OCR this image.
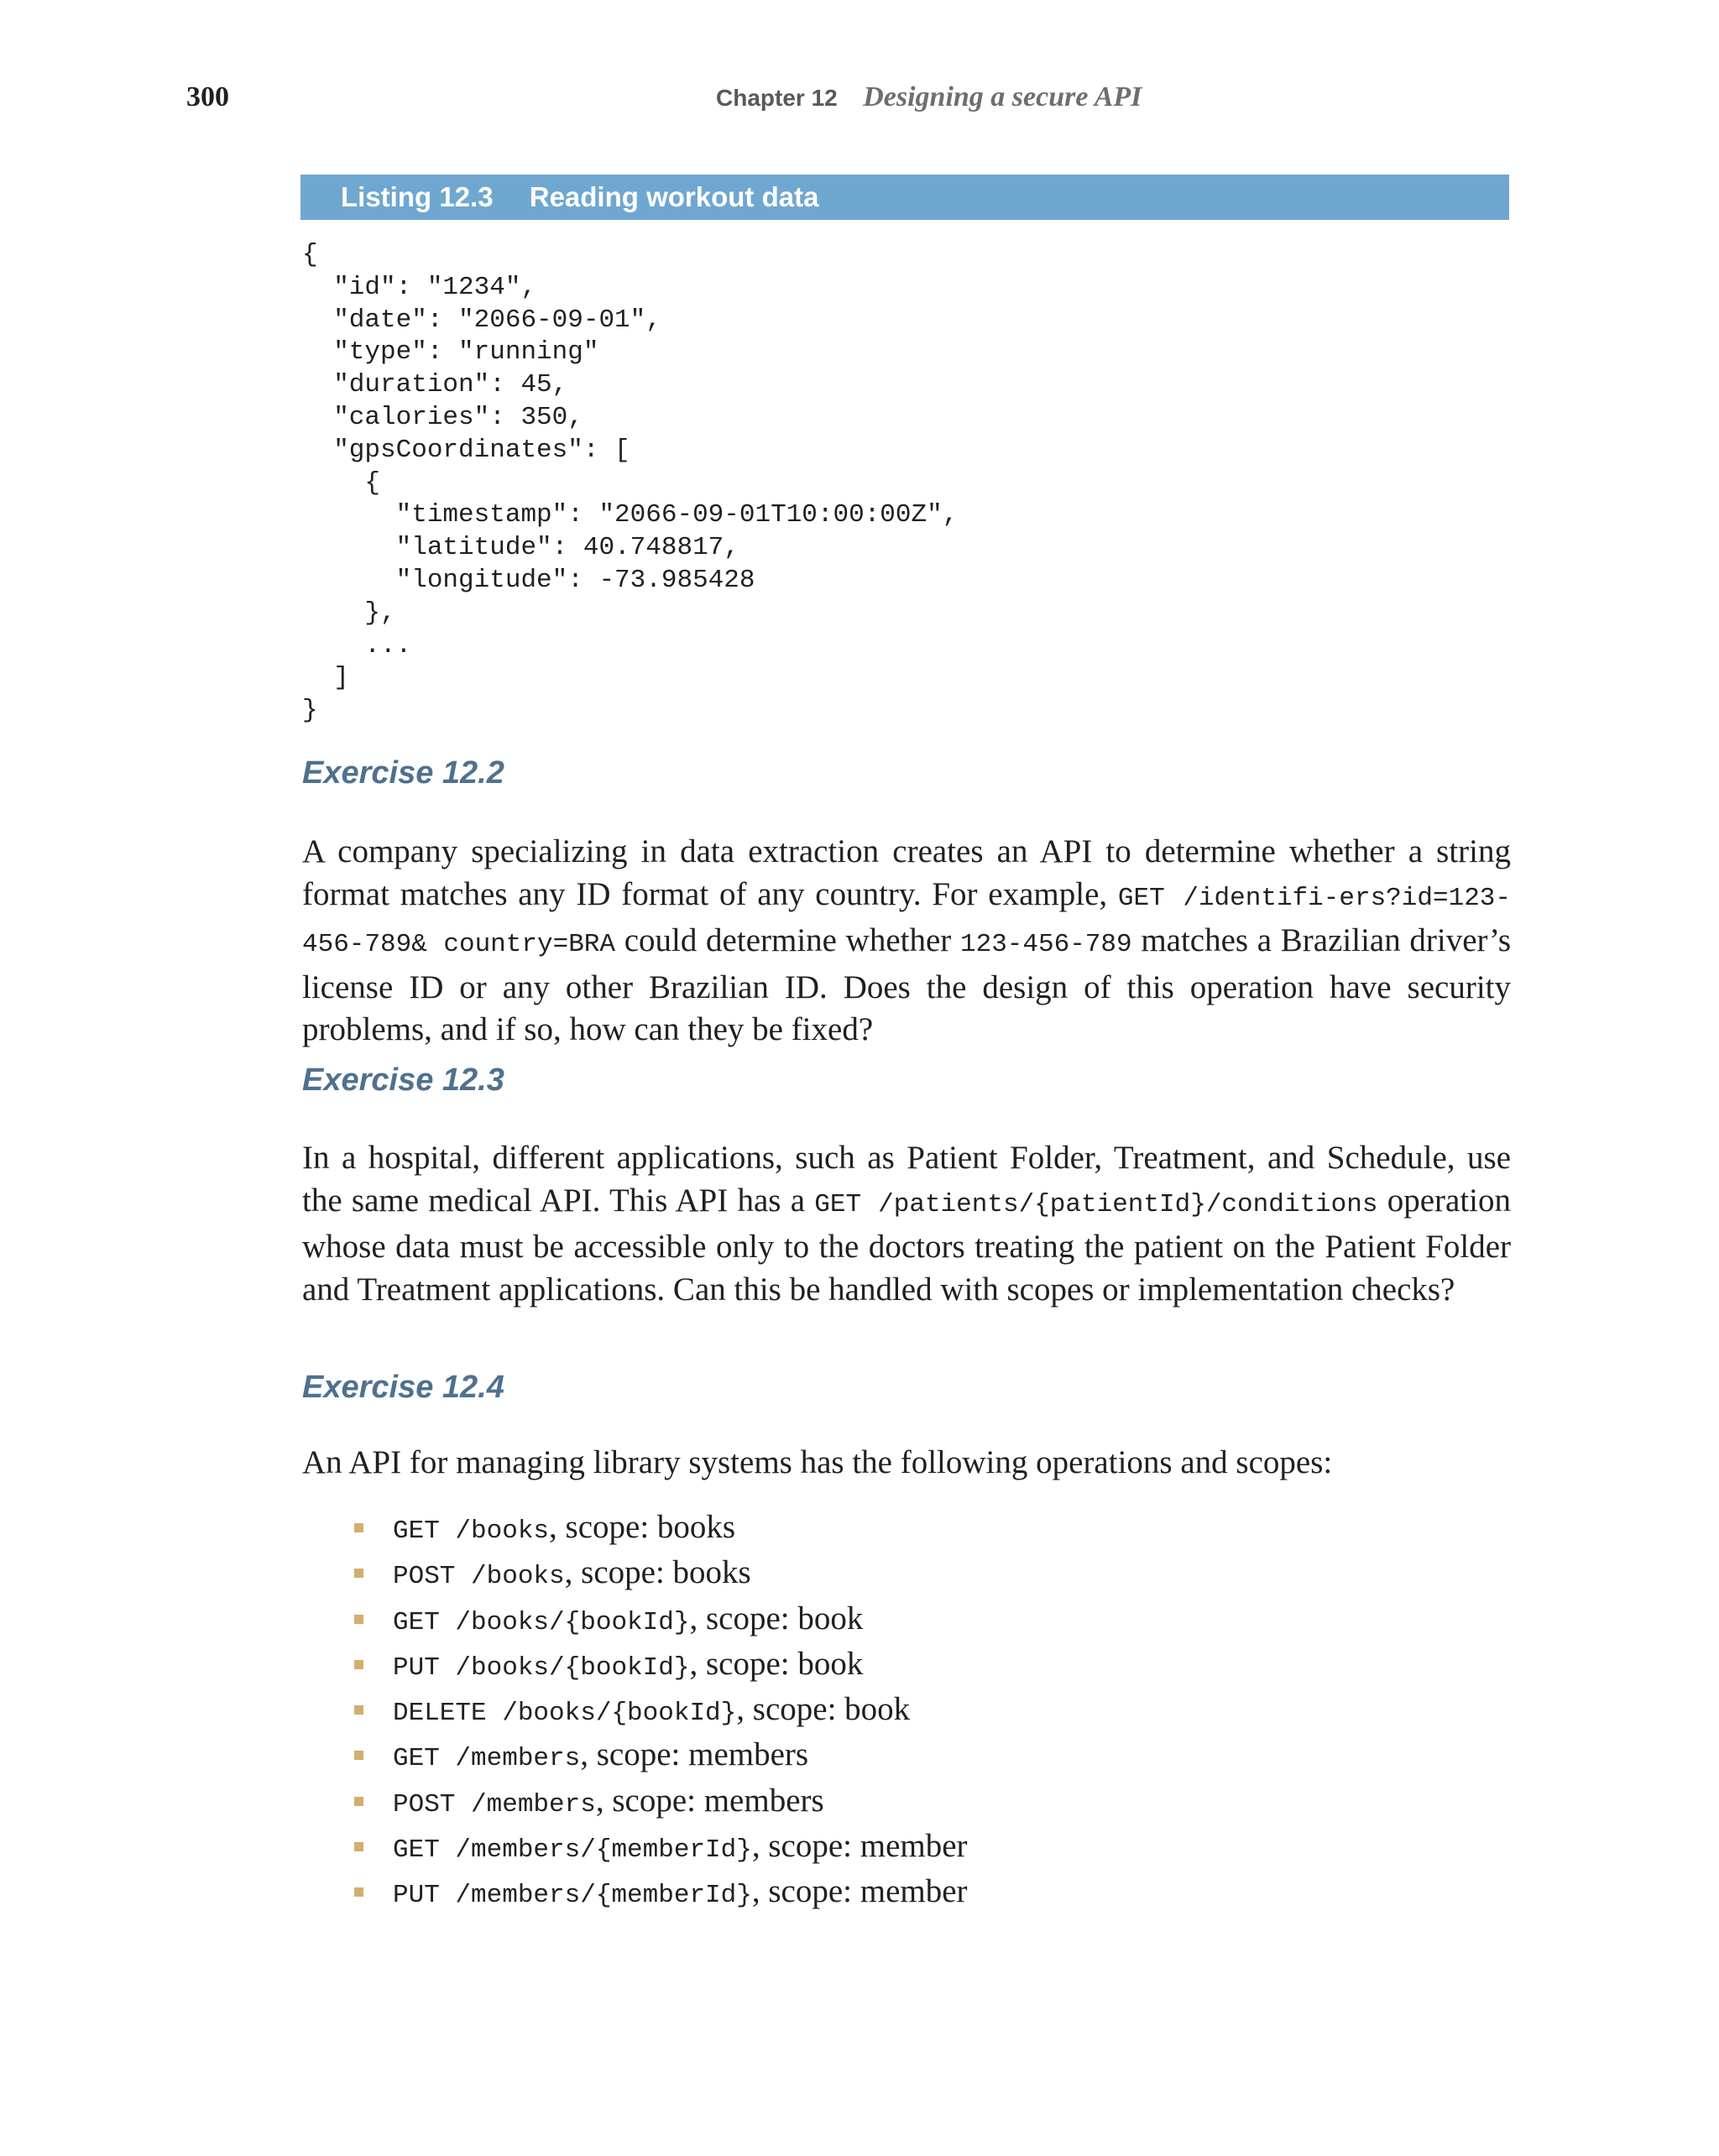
300	Chapter 12 Designing a secure API
Listing 12.3 Reading workout data
{
"id": "1234",
"date": "2066-09-01",
"type": "running"
"duration": 45,
"calories": 350,
"gpsCoordinates": [
{
"timestamp": "2066-09-01T10:00:00Z",
"latitude": 40.748817,
"longitude": -73.985428
},
...
]
}
Exercise 12.2

A company specializing in data extraction creates an API to determine whether a string format matches any ID format of any country. For example, GET /identifi-ers?id=123-456-789& country=BRA could determine whether 123-456-789 matches a Brazilian driver’s license ID or any other Brazilian ID. Does the design of this operation have security problems, and if so, how can they be fixed?

Exercise 12.3

In a hospital, different applications, such as Patient Folder, Treatment, and Schedule, use the same medical API. This API has a GET /patients/{patientId}/conditions operation whose data must be accessible only to the doctors treating the patient on the Patient Folder and Treatment applications. Can this be handled with scopes or implementation checks?

Exercise 12.4

An API for managing library systems has the following operations and scopes:

GET /books, scope: books
POST /books, scope: books
GET /books/{bookId}, scope: book
PUT /books/{bookId}, scope: book
DELETE /books/{bookId}, scope: book
GET /members, scope: members
POST /members, scope: members
GET /members/{memberId}, scope: member
PUT /members/{memberId}, scope: member
